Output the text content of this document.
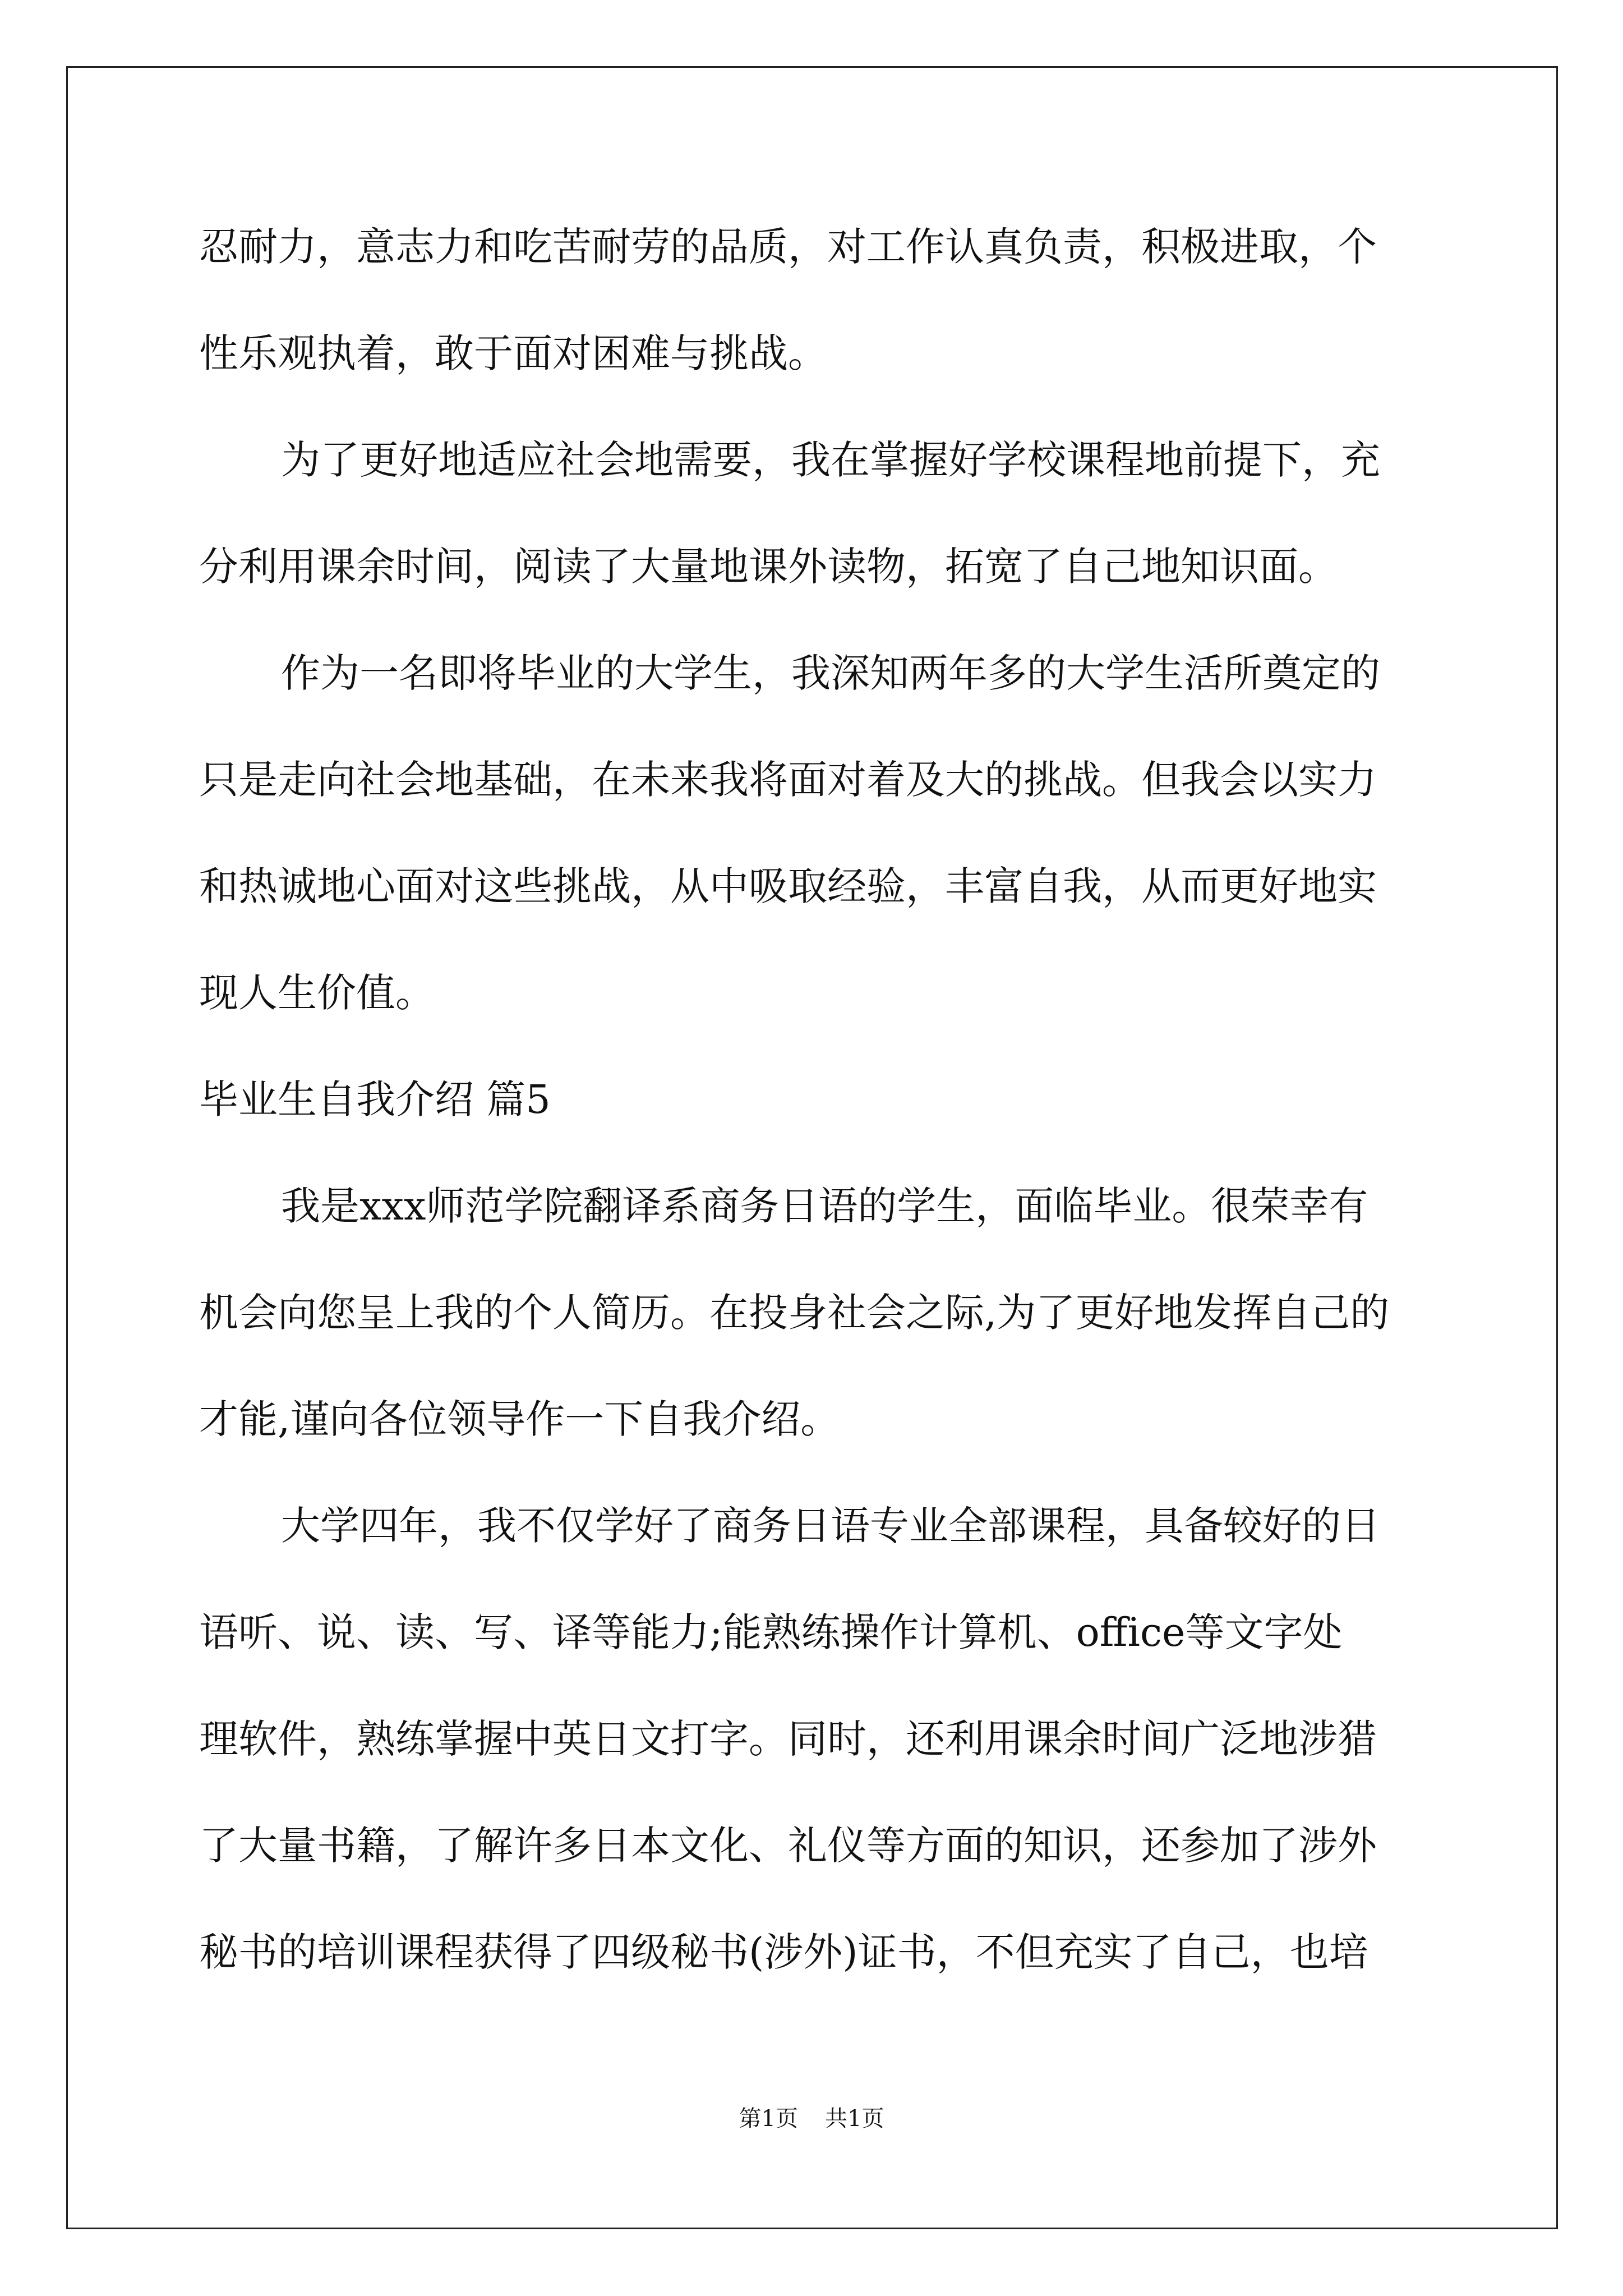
忍耐力，意志力和吃苦耐劳的品质，对工作认真负责，积极进取，个
性乐观执着，敢于面对困难与挑战。
为了更好地适应社会地需要，我在掌握好学校课程地前提下，充
分利用课余时间，阅读了大量地课外读物，拓宽了自己地知识面。
作为一名即将毕业的大学生，我深知两年多的大学生活所奠定的
只是走向社会地基础，在未来我将面对着及大的挑战。但我会以实力
和热诚地心面对这些挑战，从中吸取经验，丰富自我，从而更好地实
现人生价值。
毕业生自我介绍 篇5
我是xxx师范学院翻译系商务日语的学生，面临毕业。很荣幸有
机会向您呈上我的个人简历。在投身社会之际,为了更好地发挥自己的
才能,谨向各位领导作一下自我介绍。
大学四年，我不仅学好了商务日语专业全部课程，具备较好的日
语听、说、读、写、译等能力;能熟练操作计算机、office等文字处
理软件，熟练掌握中英日文打字。同时，还利用课余时间广泛地涉猎
了大量书籍，了解许多日本文化、礼仪等方面的知识，还参加了涉外
秘书的培训课程获得了四级秘书(涉外)证书，不但充实了自己，也培
第1页 共1页
